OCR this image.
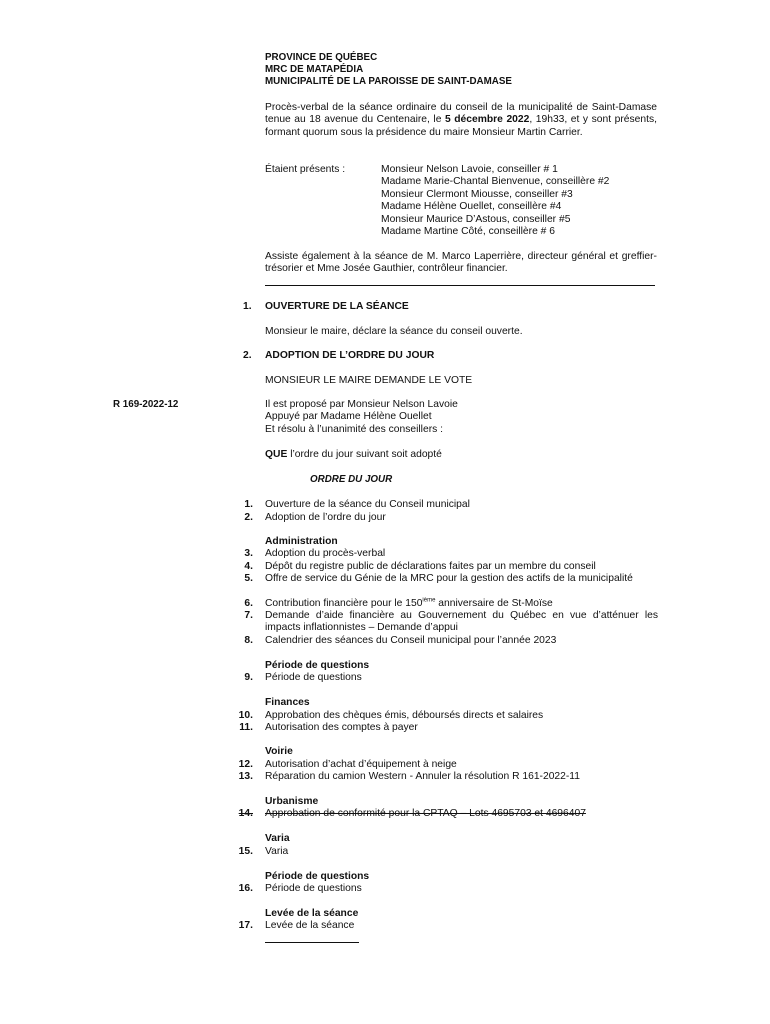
PROVINCE DE QUÉBEC
MRC DE MATAPÉDIA
MUNICIPALITÉ DE LA PAROISSE DE SAINT-DAMASE
Procès-verbal de la séance ordinaire du conseil de la municipalité de Saint-Damase tenue au 18 avenue du Centenaire, le 5 décembre 2022, 19h33, et y sont présents, formant quorum sous la présidence du maire Monsieur Martin Carrier.
Étaient présents :	Monsieur Nelson Lavoie, conseiller # 1
Madame Marie-Chantal Bienvenue, conseillère #2
Monsieur Clermont Miousse, conseiller #3
Madame Hélène Ouellet, conseillère #4
Monsieur Maurice D’Astous, conseiller #5
Madame Martine Côté, conseillère # 6
Assiste également à la séance de M. Marco Laperrière, directeur général et greffier-trésorier et Mme Josée Gauthier, contrôleur financier.
1. OUVERTURE DE LA SÉANCE
Monsieur le maire, déclare la séance du conseil ouverte.
2. ADOPTION DE L’ORDRE DU JOUR
MONSIEUR LE MAIRE DEMANDE LE VOTE
R 169-2022-12	Il est proposé par Monsieur Nelson Lavoie
Appuyé par Madame Hélène Ouellet
Et résolu à l’unanimité des conseillers :
QUE l’ordre du jour suivant soit adopté
ORDRE DU JOUR
1. Ouverture de la séance du Conseil municipal
2. Adoption de l’ordre du jour
Administration
3. Adoption du procès-verbal
4. Dépôt du registre public de déclarations faites par un membre du conseil
5. Offre de service du Génie de la MRC pour la gestion des actifs de la municipalité
6. Contribution financière pour le 150ième anniversaire de St-Moïse
7. Demande d’aide financière au Gouvernement du Québec en vue d’atténuer les impacts inflationnistes – Demande d’appui
8. Calendrier des séances du Conseil municipal pour l’année 2023
Période de questions
9. Période de questions
Finances
10. Approbation des chèques émis, déboursés directs et salaires
11. Autorisation des comptes à payer
Voirie
12. Autorisation d’achat d’équipement à neige
13. Réparation du camion Western - Annuler la résolution R 161-2022-11
Urbanisme
14. Approbation de conformité pour la CPTAQ – Lots 4695703 et 4696407
Varia
15. Varia
Période de questions
16. Période de questions
Levée de la séance
17. Levée de la séance
